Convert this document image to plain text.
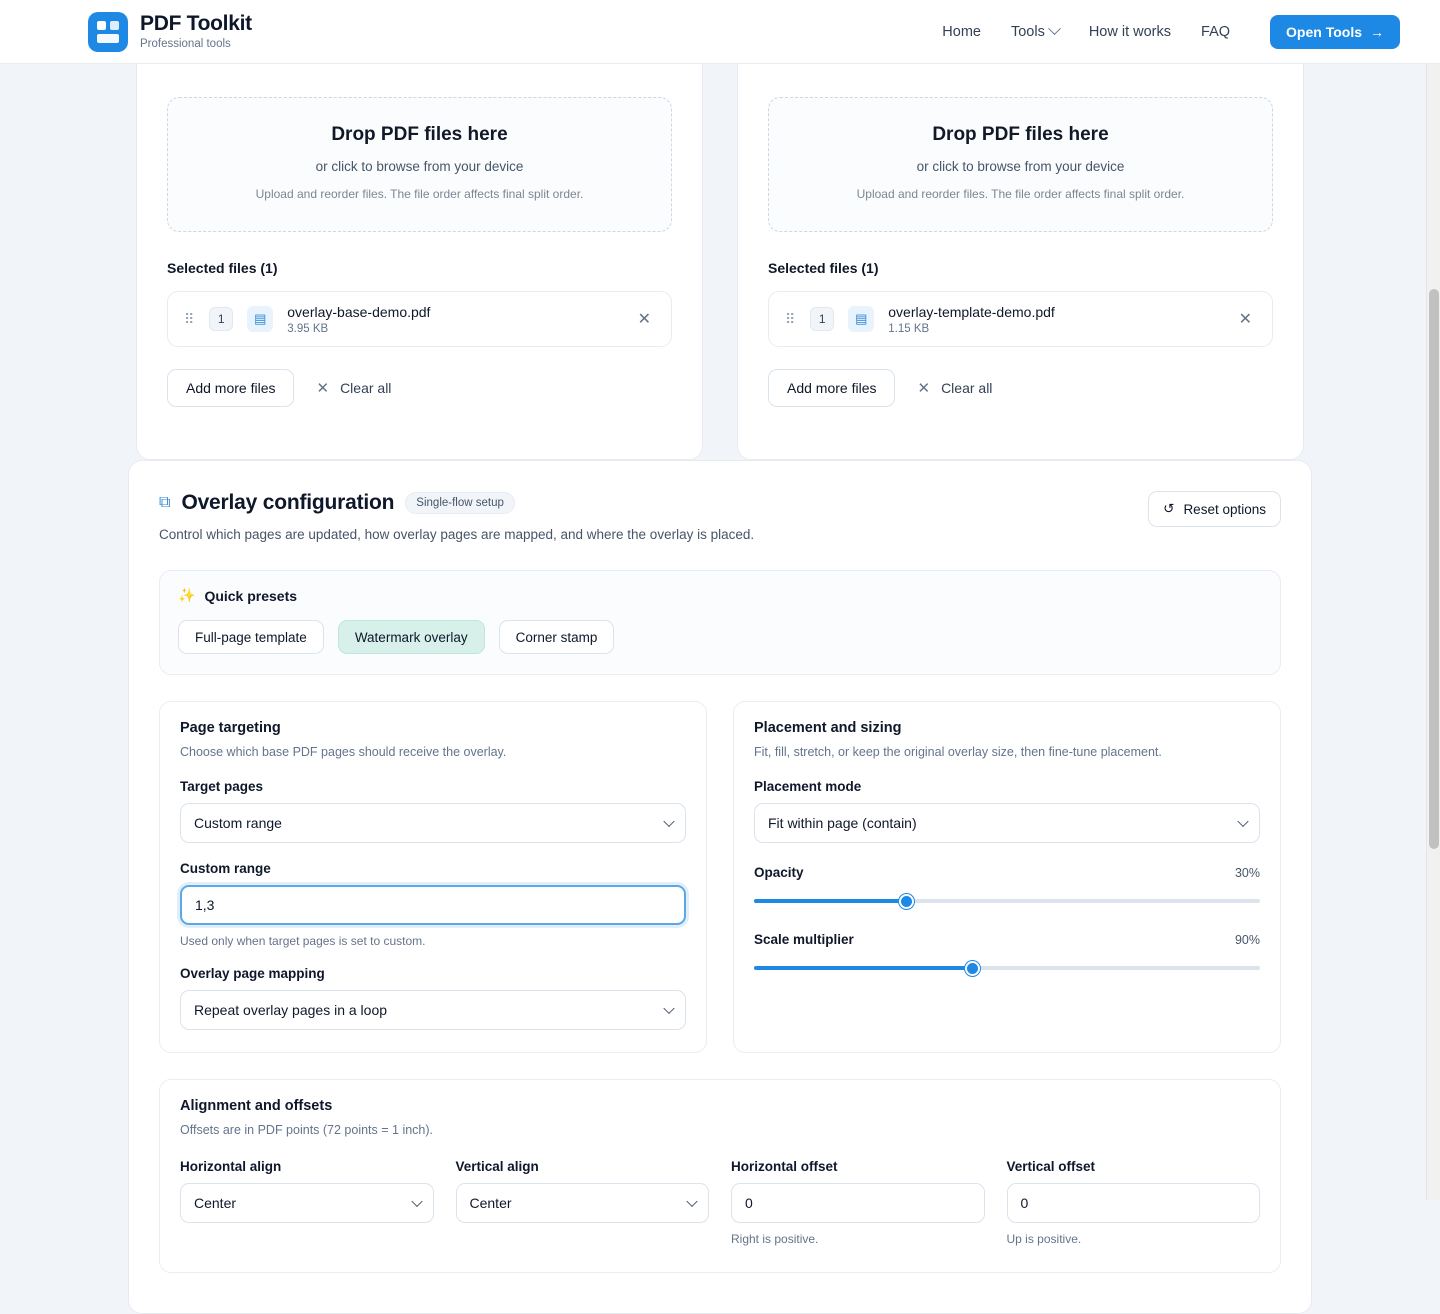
PDF Toolkit
Professional tools
Home Tools	How it works FAQ	Open Tools →
Drop PDF files here
or click to browse from your device
Upload and reorder files. The file order affects final split order.
Selected files (1)
⠿	1	▤	overlay-base-demo.pdf
3.95 KB
✕
Add more files	✕ Clear all
Drop PDF files here
or click to browse from your device
Upload and reorder files. The file order affects final split order.
Selected files (1)
⠿	1	▤	overlay-template-demo.pdf
1.15 KB
✕
Add more files	✕ Clear all
⧉ Overlay configuration	Single-flow setup
Control which pages are updated, how overlay pages are mapped, and where the overlay is placed.
↺ Reset options
✨ Quick presets
Full-page template	Watermark overlay	Corner stamp
Page targeting
Choose which base PDF pages should receive the overlay.
Target pages
Custom range
Custom range
1,3
Used only when target pages is set to custom.
Overlay page mapping
Repeat overlay pages in a loop
Placement and sizing
Fit, fill, stretch, or keep the original overlay size, then fine-tune placement.
Placement mode
Fit within page (contain)
Opacity	30%
Scale multiplier	90%
Alignment and offsets
Offsets are in PDF points (72 points = 1 inch).
Horizontal align
Center	Vertical align
Center	Horizontal offset
0
Right is positive.
Vertical offset
0
Up is positive.
